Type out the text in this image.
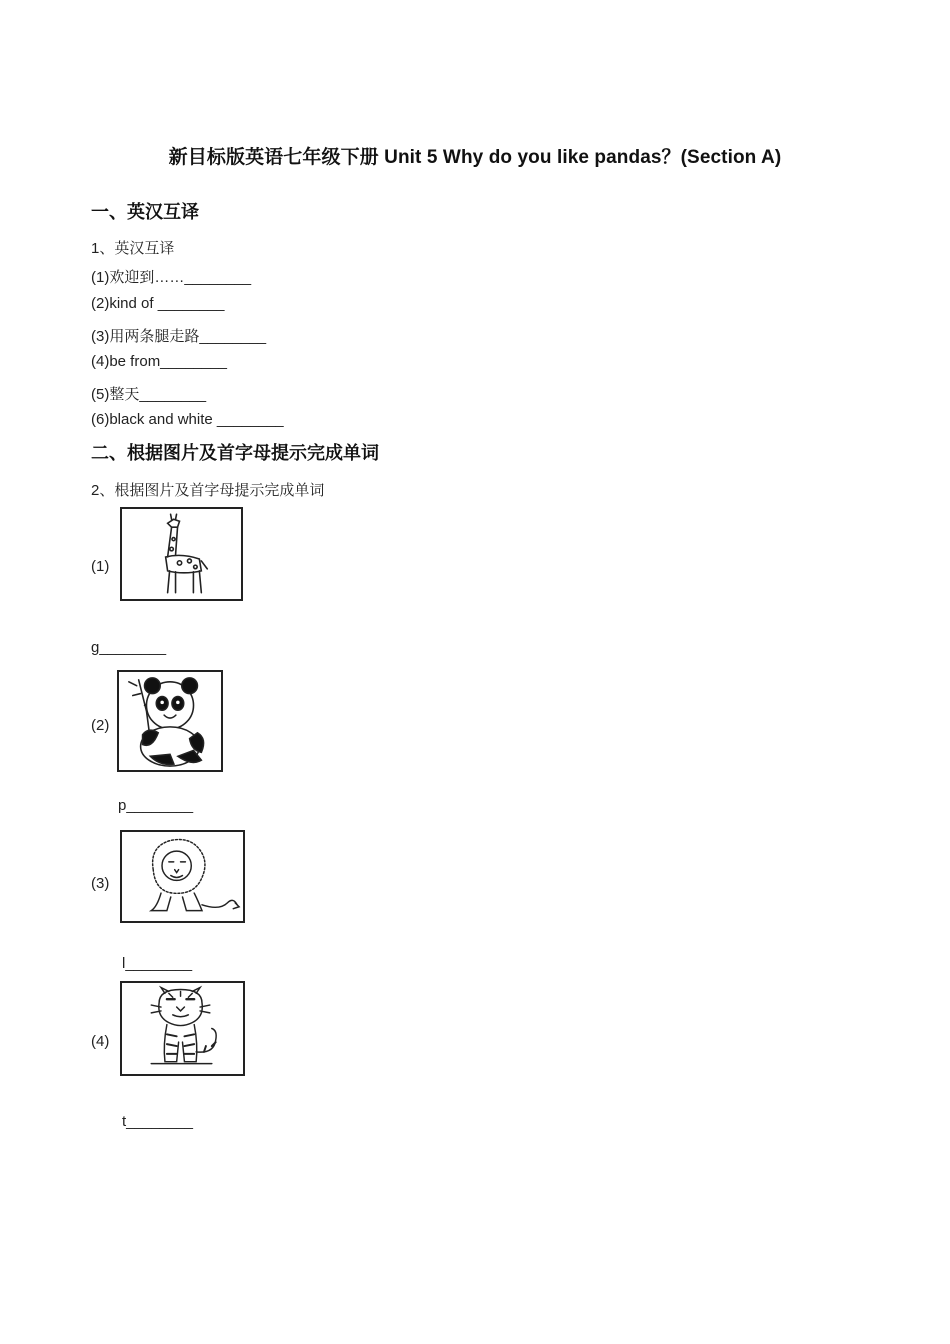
新目标版英语七年级下册 Unit 5 Why do you like pandas？(Section A)
一、英汉互译
1、英汉互译
(1)欢迎到……________
(2)kind of ________
(3)用两条腿走路________
(4)be from________
(5)整天________
(6)black and white ________
二、根据图片及首字母提示完成单词
2、根据图片及首字母提示完成单词
(1)
g________
(2)
p________
(3)
l________
(4)
t________
